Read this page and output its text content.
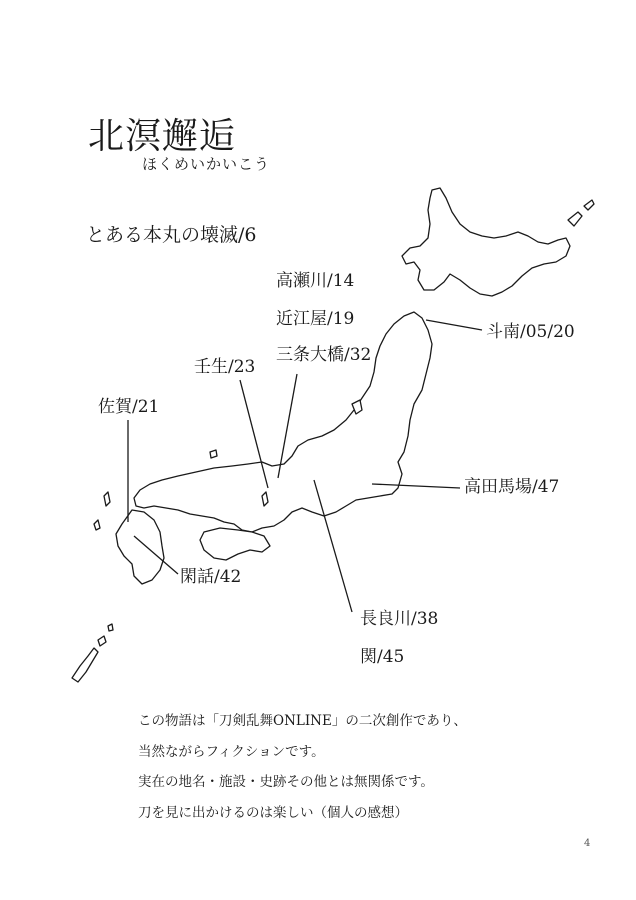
北溟邂逅
ほくめいかいこう
とある本丸の壊滅/6
高瀬川/14
近江屋/19
三条大橋/32
壬生/23
佐賀/21
斗南/05/20
高田馬場/47
閑話/42
長良川/38
関/45
この物語は「刀剣乱舞ONLINE」の二次創作であり、
当然ながらフィクションです。
実在の地名・施設・史跡その他とは無関係です。
刀を見に出かけるのは楽しい（個人の感想）
4
